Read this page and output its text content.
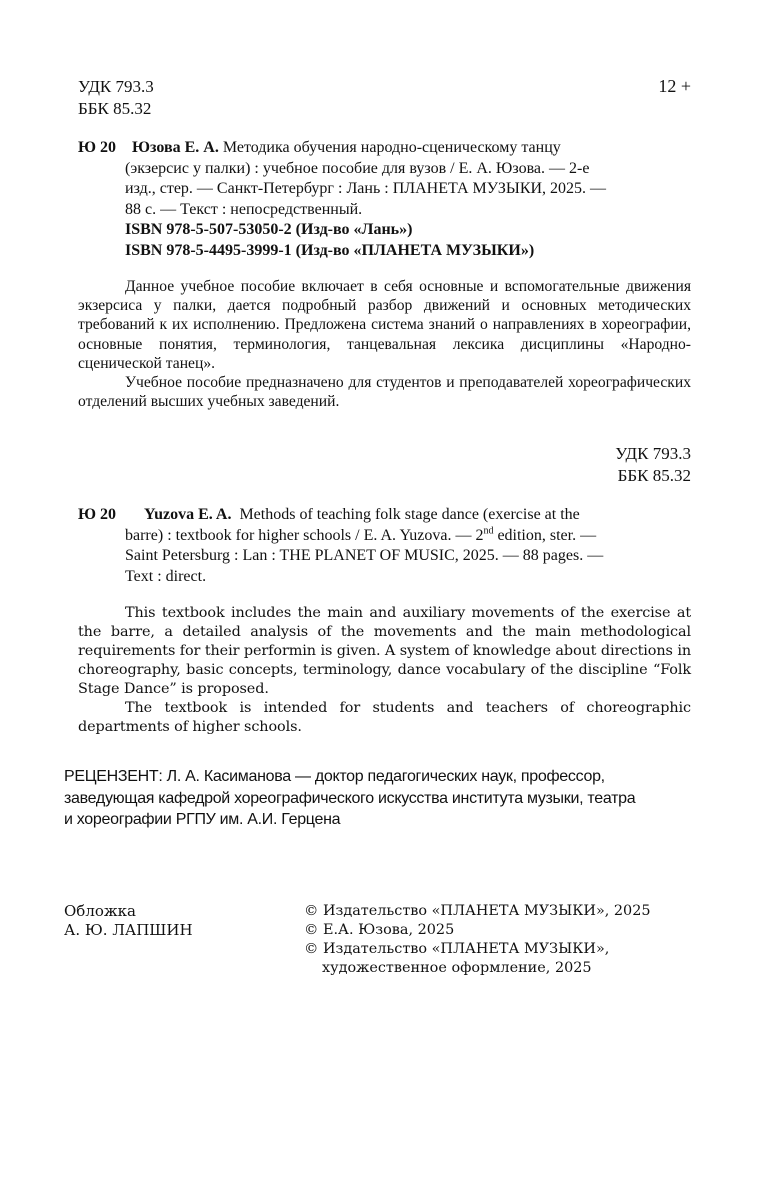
УДК 793.3
ББК 85.32
12 +
Ю 20 Юзова Е. А. Методика обучения народно-сценическому танцу
(экзерсис у палки) : учебное пособие для вузов / Е. А. Юзова. — 2-е
изд., стер. — Санкт-Петербург : Лань : ПЛАНЕТА МУЗЫКИ, 2025. —
88 с. — Текст : непосредственный.
ISBN 978-5-507-53050-2 (Изд-во «Лань»)
ISBN 978-5-4495-3999-1 (Изд-во «ПЛАНЕТА МУЗЫКИ»)

Данное учебное пособие включает в себя основные и вспомогательные движения экзерсиса у палки, дается подробный разбор движений и основных методических требований к их исполнению. Предложена система знаний о направлениях в хореографии, основные понятия, терминология, танцевальная лексика дисциплины «Народно-сценической танец».

Учебное пособие предназначено для студентов и преподавателей хореографических отделений высших учебных заведений.

УДК 793.3
ББК 85.32
Ю 20 Yuzova E. A. Methods of teaching folk stage dance (exercise at the
barre) : textbook for higher schools / E. A. Yuzova. — 2nd edition, ster. —
Saint Petersburg : Lan : THE PLANET OF MUSIC, 2025. — 88 pages. —
Text : direct.

This textbook includes the main and auxiliary movements of the exercise at the barre, a detailed analysis of the movements and the main methodological requirements for their performin is given. A system of knowledge about directions in choreography, basic concepts, terminology, dance vocabulary of the discipline “Folk Stage Dance” is proposed.

The textbook is intended for students and teachers of choreographic departments of higher schools.

РЕЦЕНЗЕНТ: Л. А. Касиманова — доктор педагогических наук, профессор,
заведующая кафедрой хореографического искусства института музыки, театра
и хореографии РГПУ им. А.И. Герцена
Обложка
А. Ю. ЛАПШИН
© Издательство «ПЛАНЕТА МУЗЫКИ», 2025
© Е.А. Юзова, 2025
© Издательство «ПЛАНЕТА МУЗЫКИ», художественное оформление, 2025
